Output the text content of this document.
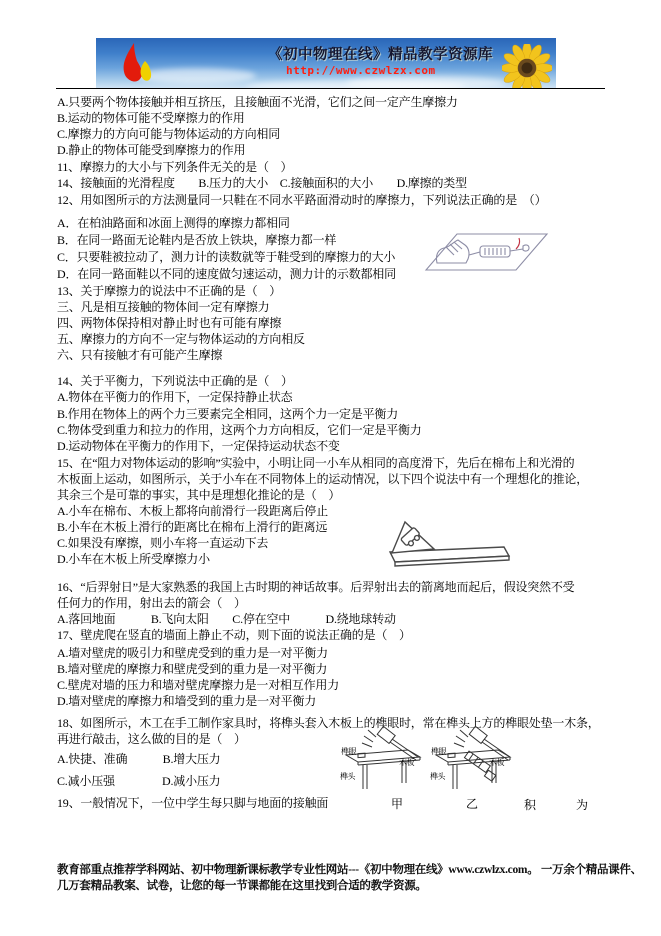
《初中物理在线》精品教学资源库
http://www.czwlzx.com
A.只要两个物体接触并相互挤压，且接触面不光滑，它们之间一定产生摩擦力
B.运动的物体可能不受摩擦力的作用
C.摩擦力的方向可能与物体运动的方向相同
D.静止的物体可能受到摩擦力的作用
11、摩擦力的大小与下列条件无关的是（　）
14、接触面的光滑程度　　B.压力的大小　C.接触面积的大小　　D.摩擦的类型
12、用如图所示的方法测量同一只鞋在不同水平路面滑动时的摩擦力，下列说法正确的是　（）
A．在柏油路面和冰面上测得的摩擦力都相同
B．在同一路面无论鞋内是否放上铁块，摩擦力都一样
C．只要鞋被拉动了，测力计的读数就等于鞋受到的摩擦力的大小
D．在同一路面鞋以不同的速度做匀速运动，测力计的示数都相同
13、关于摩擦力的说法中不正确的是（　）
三、凡是相互接触的物体间一定有摩擦力
四、两物体保持相对静止时也有可能有摩擦
五、摩擦力的方向不一定与物体运动的方向相反
六、只有接触才有可能产生摩擦
14、关于平衡力，下列说法中正确的是（　）
A.物体在平衡力的作用下，一定保持静止状态
B.作用在物体上的两个力三要素完全相同，这两个力一定是平衡力
C.物体受到重力和拉力的作用，这两个力方向相反，它们一定是平衡力
D.运动物体在平衡力的作用下，一定保持运动状态不变
15、在“阻力对物体运动的影响”实验中，小明让同一小车从相同的高度滑下，先后在棉布上和光滑的
木板面上运动，如图所示，关于小车在不同物体上的运动情况，以下四个说法中有一个理想化的推论，
其余三个是可靠的事实，其中是理想化推论的是（　）
A.小车在棉布、木板上都将向前滑行一段距离后停止
B.小车在木板上滑行的距离比在棉布上滑行的距离远
C.如果没有摩擦，则小车将一直运动下去
D.小车在木板上所受摩擦力小
16、“后羿射日”是大家熟悉的我国上古时期的神话故事。后羿射出去的箭离地而起后，假设突然不受
任何力的作用，射出去的箭会（　）
A.落回地面　　　B.飞向太阳　　C.停在空中　　　D.绕地球转动
17、壁虎爬在竖直的墙面上静止不动，则下面的说法正确的是（　）
A.墙对壁虎的吸引力和壁虎受到的重力是一对平衡力
B.墙对壁虎的摩擦力和壁虎受到的重力是一对平衡力
C.壁虎对墙的压力和墙对壁虎摩擦力是一对相互作用力
D.墙对壁虎的摩擦力和墙受到的重力是一对平衡力
18、如图所示，木工在手工制作家具时，将榫头套入木板上的榫眼时，常在榫头上方的榫眼处垫一木条，
再进行敲击，这么做的目的是（　）
A.快捷、准确　　　B.增大压力
C.减小压强　　　　D.减小压力
19、一般情况下，一位中学生每只脚与地面的接触面	积	为
榫眼
木板
榫头
甲
榫眼
木板
榫头
乙
教育部重点推荐学科网站、初中物理新课标教学专业性网站---《初中物理在线》www.czwlzx.com。 一万余个精品课件、
几万套精品教案、试卷，让您的每一节课都能在这里找到合适的教学资源。
